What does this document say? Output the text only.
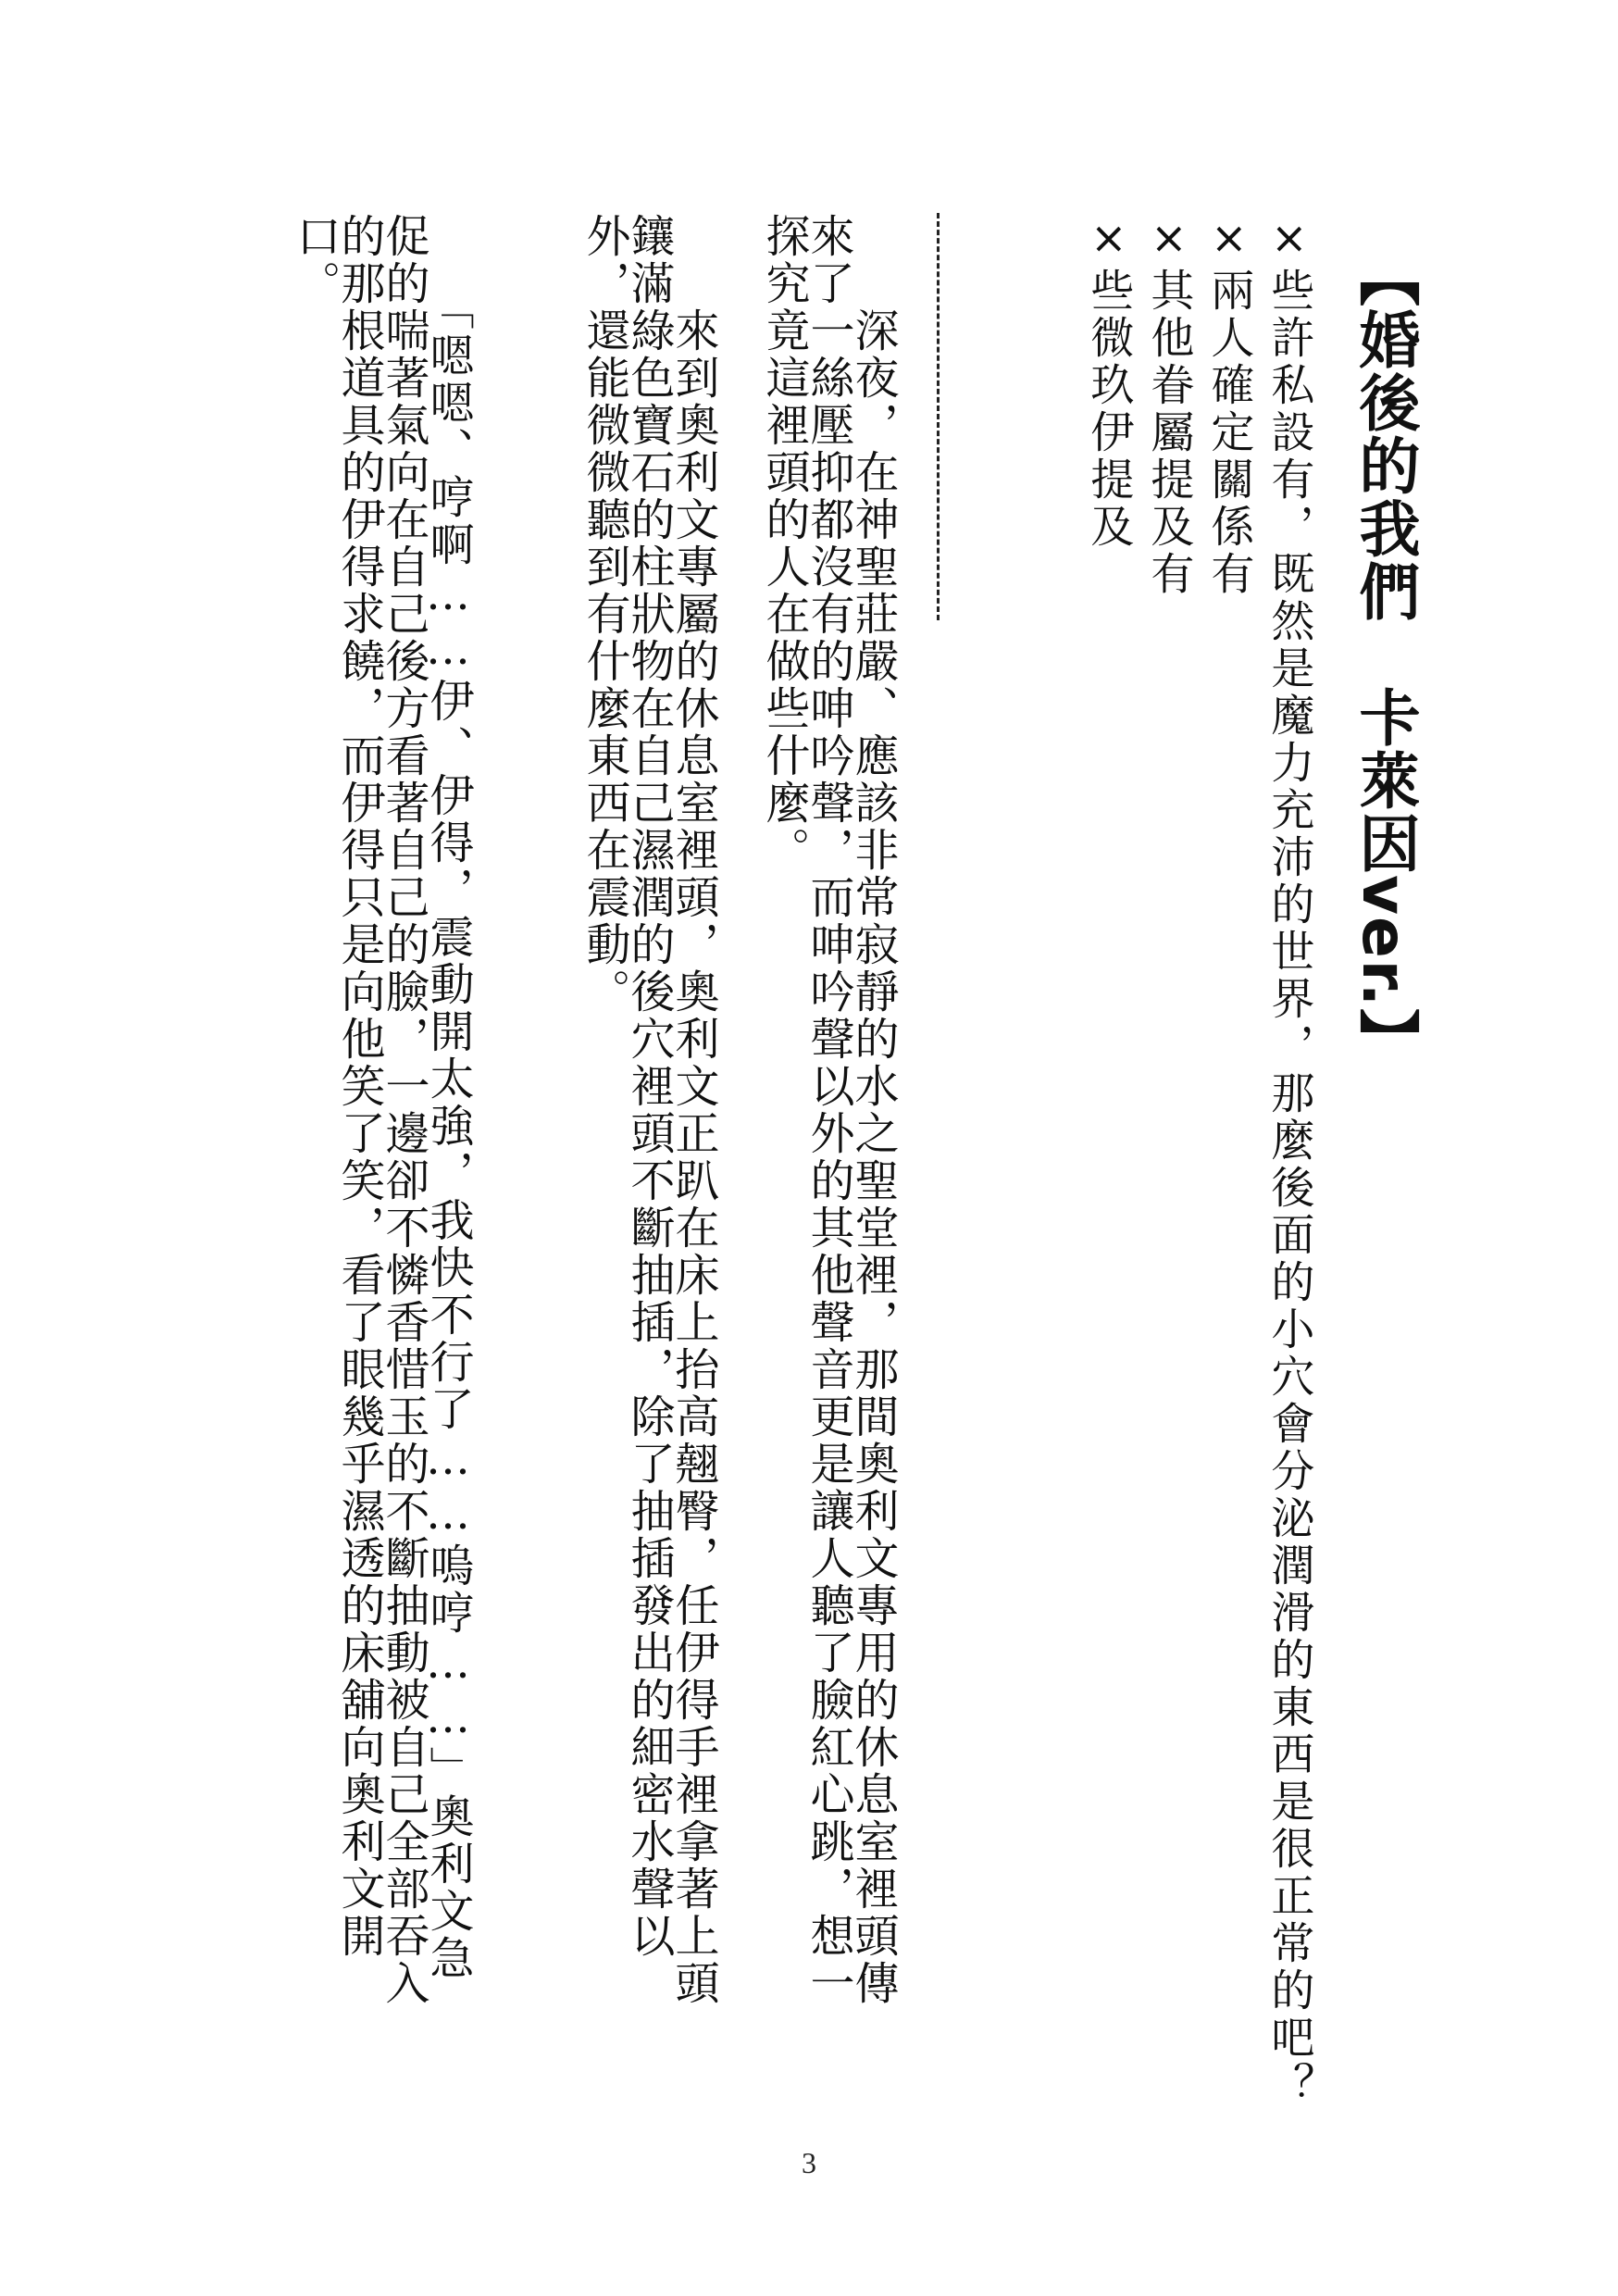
【婚後的我們　卡萊因ver.】
×些許私設有，既然是魔力充沛的世界，那麼後面的小穴會分泌潤滑的東西是很正常的吧？
×兩人確定關係有
×其他眷屬提及有
×些微玖伊提及
　　深夜，在神聖莊嚴、應該非常寂靜的水之聖堂裡，那間奧利文專用的休息室裡頭傳來了一絲壓抑都沒有的呻吟聲，而呻吟聲以外的其他聲音更是讓人聽了臉紅心跳，想一探究竟這裡頭的人在做些什麼。
　　來到奧利文專屬的休息室裡頭，奧利文正趴在床上抬高翹臀，任伊得手裡拿著上頭鑲滿綠色寶石的柱狀物在自己濕潤的後穴裡頭不斷抽插，除了抽插發出的細密水聲以外，還能微微聽到有什麼東西在震動。
　　「嗯嗯、哼啊……伊、伊得，震動開太強，我快不行了……嗚哼……」奧利文急促的喘著氣向在自己後方看著自己的臉，一邊卻不憐香惜玉的不斷抽動被自己全部吞入的那根道具的伊得求饒，而伊得只是向他笑了笑，看了眼幾乎濕透的床舖向奧利文開口。
3
